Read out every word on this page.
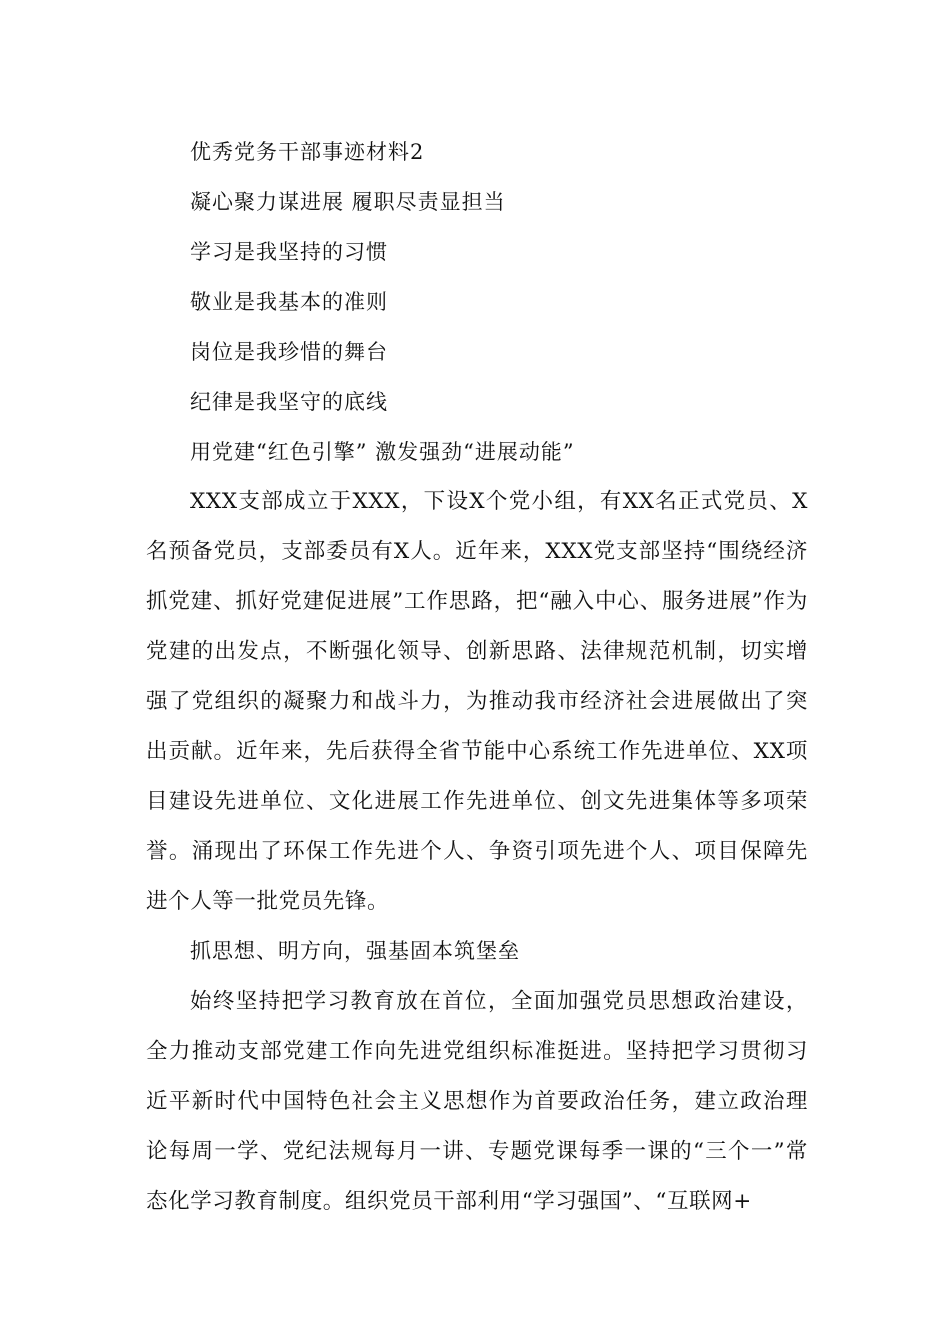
优秀党务干部事迹材料2
凝心聚力谋进展 履职尽责显担当
学习是我坚持的习惯
敬业是我基本的准则
岗位是我珍惜的舞台
纪律是我坚守的底线
用党建“红色引擎” 激发强劲“进展动能”

XXX支部成立于XXX，下设X个党小组，有XX名正式党员、X名预备党员，支部委员有X人。近年来，XXX党支部坚持“围绕经济抓党建、抓好党建促进展”工作思路，把“融入中心、服务进展”作为党建的出发点，不断强化领导、创新思路、法律规范机制，切实增强了党组织的凝聚力和战斗力，为推动我市经济社会进展做出了突出贡献。近年来，先后获得全省节能中心系统工作先进单位、XX项目建设先进单位、文化进展工作先进单位、创文先进集体等多项荣誉。涌现出了环保工作先进个人、争资引项先进个人、项目保障先进个人等一批党员先锋。

抓思想、明方向，强基固本筑堡垒

始终坚持把学习教育放在首位，全面加强党员思想政治建设，全力推动支部党建工作向先进党组织标准挺进。坚持把学习贯彻习近平新时代中国特色社会主义思想作为首要政治任务，建立政治理论每周一学、党纪法规每月一讲、专题党课每季一课的“三个一”常态化学习教育制度。组织党员干部利用“学习强国”、“互联网+
